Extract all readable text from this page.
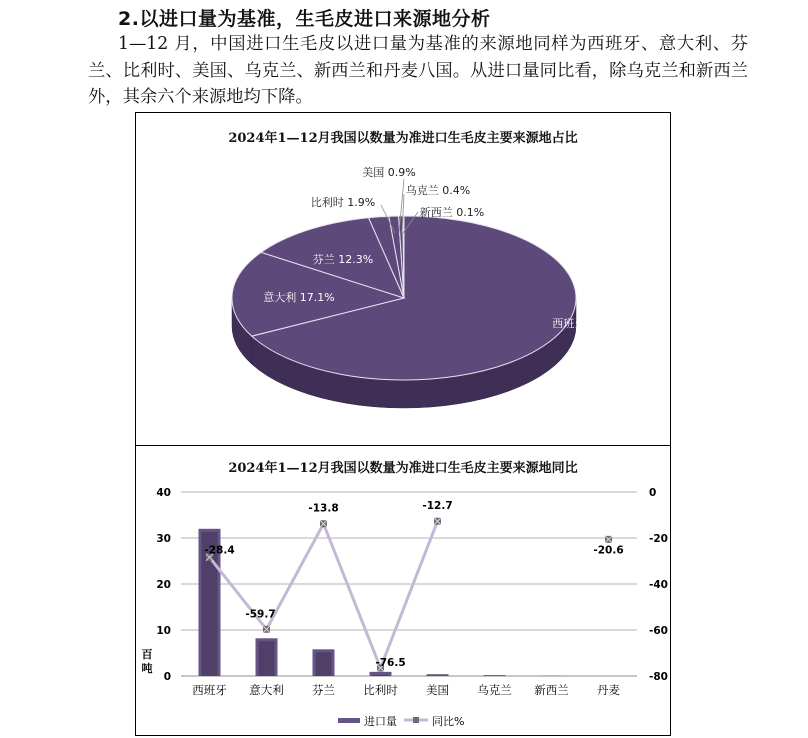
2.以进口量为基准，生毛皮进口来源地分析

1—12 月，中国进口生毛皮以进口量为基准的来源地同样为西班牙、意大利、芬兰、比利时、美国、乌克兰、新西兰和丹麦八国。从进口量同比看，除乌克兰和新西兰外，其余六个来源地均下降。

2024年1—12月我国以数量为准进口生毛皮主要来源地占比
西班牙 67.3%
意大利 17.1%
芬兰 12.3%
比利时 1.9%
美国 0.9%
乌克兰 0.4%
新西兰 0.1%
2024年1—12月我国以数量为准进口生毛皮主要来源地同比
0
10
20
30
40
-80
-60
-40
-20
0
百
吨
西班牙 意大利 芬兰 比利时 美国 乌克兰 新西兰 丹麦
-28.4
-59.7
-13.8
-76.5
-12.7
-20.6
进口量	同比%
